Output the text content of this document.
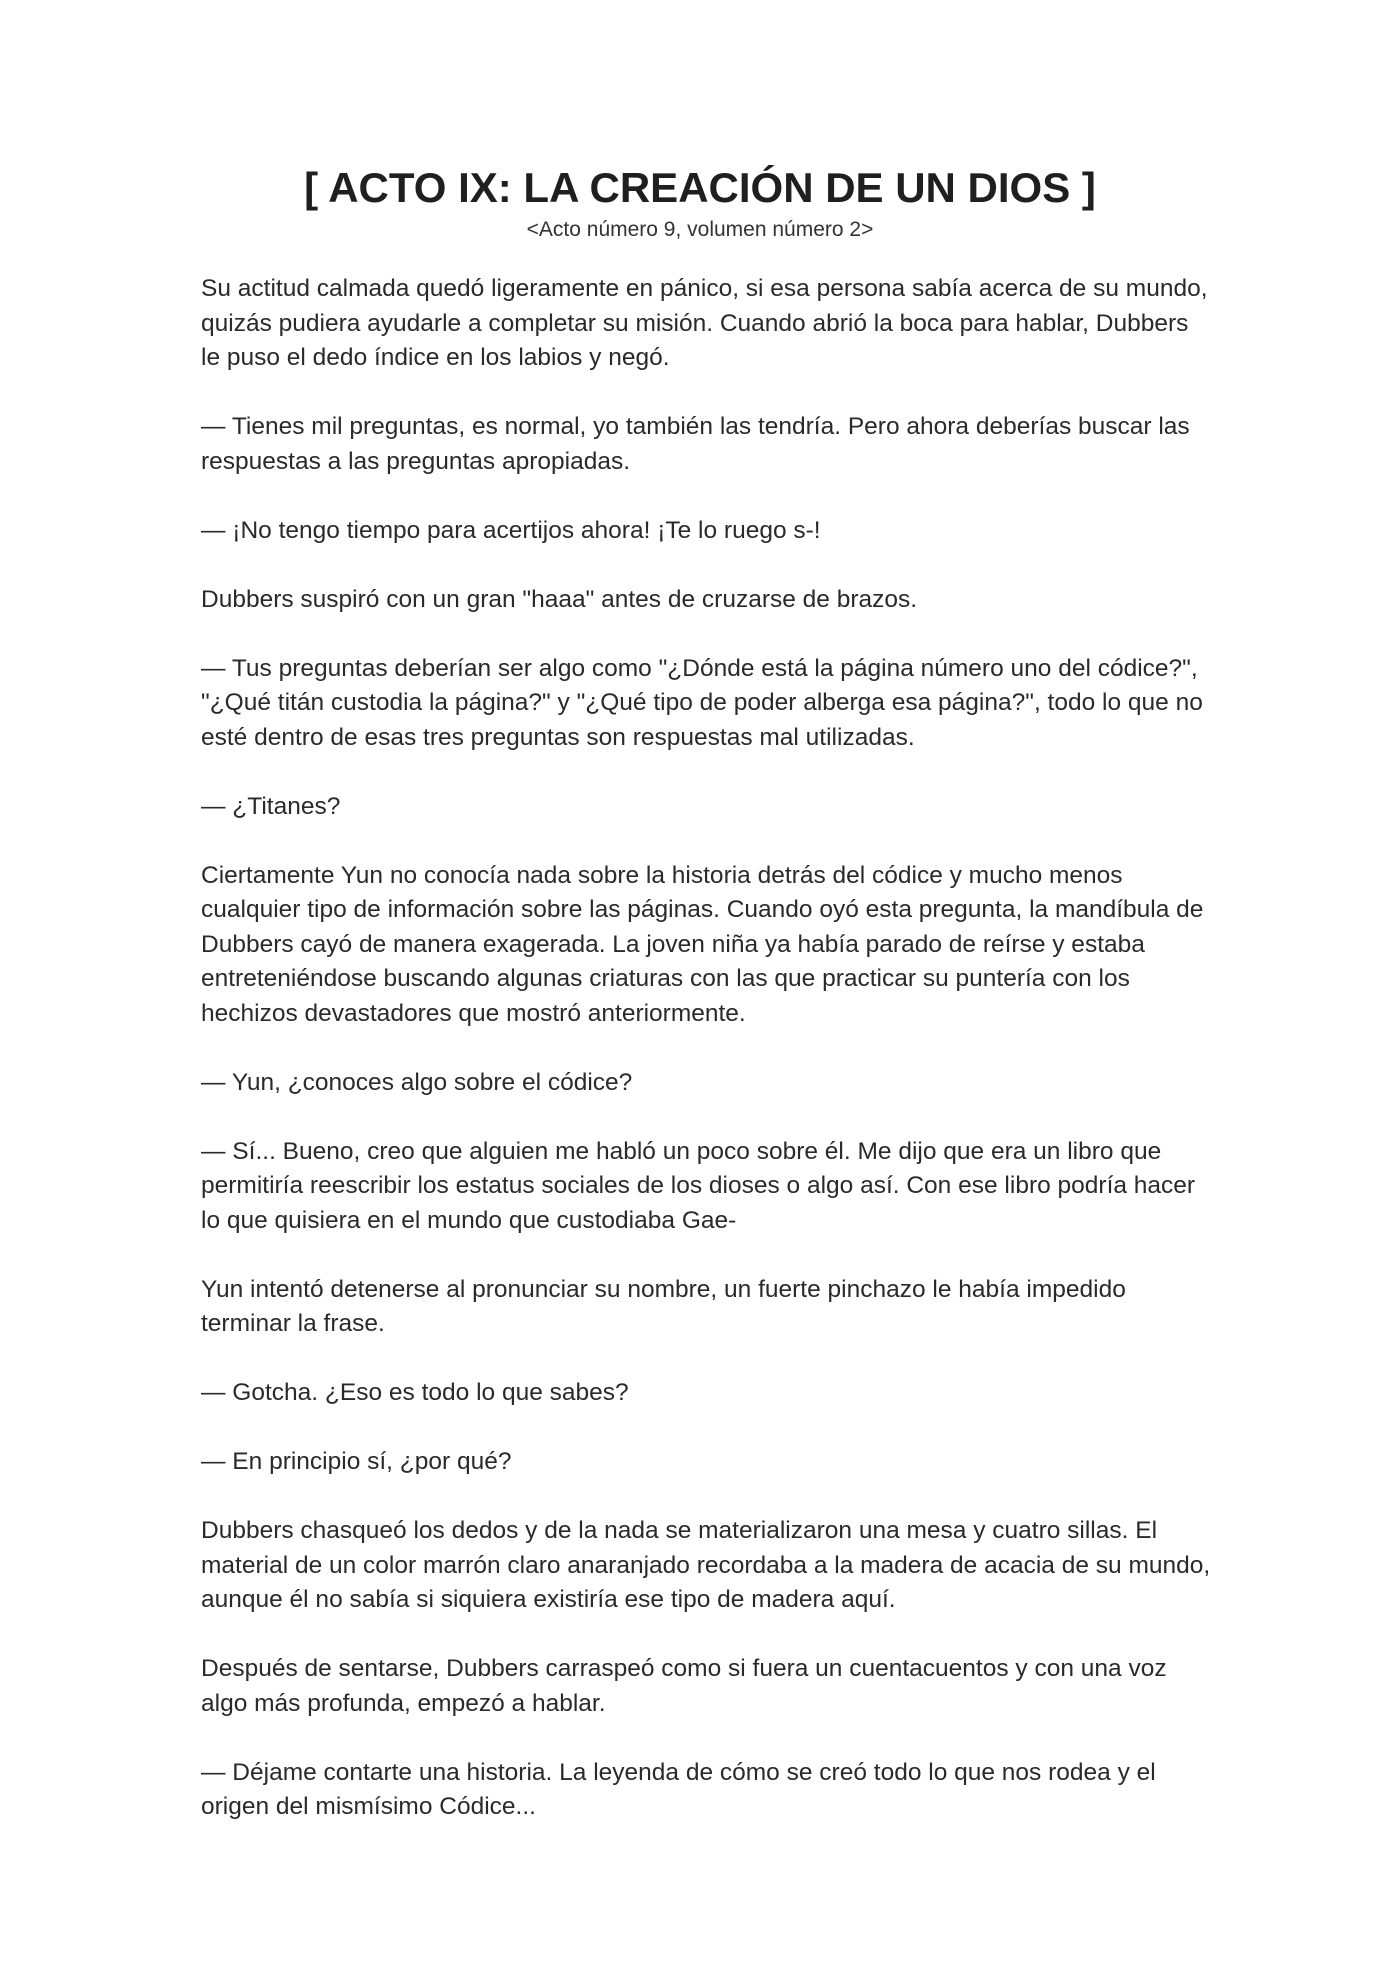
[ ACTO IX: LA CREACIÓN DE UN DIOS ]

<Acto número 9, volumen número 2>

Su actitud calmada quedó ligeramente en pánico, si esa persona sabía acerca de su mundo, quizás pudiera ayudarle a completar su misión. Cuando abrió la boca para hablar, Dubbers le puso el dedo índice en los labios y negó.

— Tienes mil preguntas, es normal, yo también las tendría. Pero ahora deberías buscar las respuestas a las preguntas apropiadas.

— ¡No tengo tiempo para acertijos ahora! ¡Te lo ruego s-!

Dubbers suspiró con un gran "haaa" antes de cruzarse de brazos.

— Tus preguntas deberían ser algo como "¿Dónde está la página número uno del códice?", "¿Qué titán custodia la página?" y "¿Qué tipo de poder alberga esa página?", todo lo que no esté dentro de esas tres preguntas son respuestas mal utilizadas.

— ¿Titanes?

Ciertamente Yun no conocía nada sobre la historia detrás del códice y mucho menos cualquier tipo de información sobre las páginas. Cuando oyó esta pregunta, la mandíbula de Dubbers cayó de manera exagerada. La joven niña ya había parado de reírse y estaba entreteniéndose buscando algunas criaturas con las que practicar su puntería con los hechizos devastadores que mostró anteriormente.

— Yun, ¿conoces algo sobre el códice?

— Sí... Bueno, creo que alguien me habló un poco sobre él. Me dijo que era un libro que permitiría reescribir los estatus sociales de los dioses o algo así. Con ese libro podría hacer lo que quisiera en el mundo que custodiaba Gae-

Yun intentó detenerse al pronunciar su nombre, un fuerte pinchazo le había impedido terminar la frase.

— Gotcha. ¿Eso es todo lo que sabes?

— En principio sí, ¿por qué?

Dubbers chasqueó los dedos y de la nada se materializaron una mesa y cuatro sillas. El material de un color marrón claro anaranjado recordaba a la madera de acacia de su mundo, aunque él no sabía si siquiera existiría ese tipo de madera aquí.

Después de sentarse, Dubbers carraspeó como si fuera un cuentacuentos y con una voz algo más profunda, empezó a hablar.

— Déjame contarte una historia. La leyenda de cómo se creó todo lo que nos rodea y el origen del mismísimo Códice...
